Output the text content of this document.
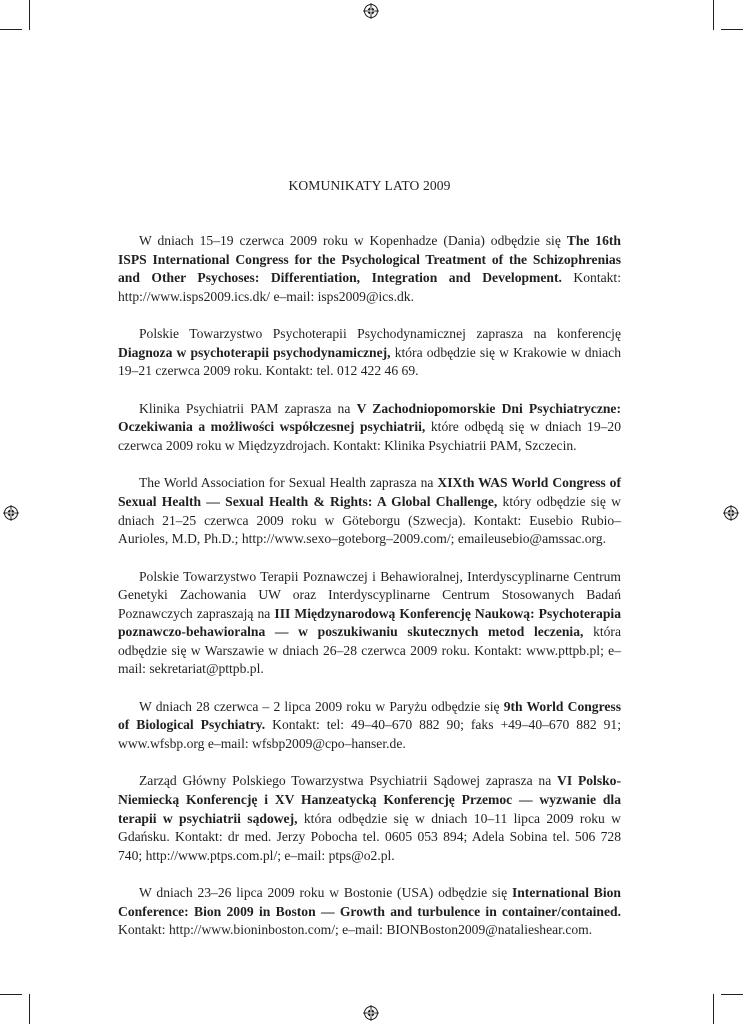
KOMUNIKATY LATO 2009

W dniach 15–19 czerwca 2009 roku w Kopenhadze (Dania) odbędzie się The 16th ISPS International Congress for the Psychological Treatment of the Schizophrenias and Other Psychoses: Differentiation, Integration and Development. Kontakt: http://www.isps2009.ics.dk/ e–mail: isps2009@ics.dk.

Polskie Towarzystwo Psychoterapii Psychodynamicznej zaprasza na konferencję Diagnoza w psychoterapii psychodynamicznej, która odbędzie się w Krakowie w dniach 19–21 czerwca 2009 roku. Kontakt: tel. 012 422 46 69.

Klinika Psychiatrii PAM zaprasza na V Zachodniopomorskie Dni Psychiatryczne: Oczekiwania a możliwości współczesnej psychiatrii, które odbędą się w dniach 19–20 czerwca 2009 roku w Międzyzdrojach. Kontakt: Klinika Psychiatrii PAM, Szczecin.

The World Association for Sexual Health zaprasza na XIXth WAS World Congress of Sexual Health — Sexual Health & Rights: A Global Challenge, który odbędzie się w dniach 21–25 czerwca 2009 roku w Göteborgu (Szwecja). Kontakt: Eusebio Rubio–Aurioles, M.D, Ph.D.; http://www.sexo–goteborg–2009.com/; emaileusebio@amssac.org.

Polskie Towarzystwo Terapii Poznawczej i Behawioralnej, Interdyscyplinarne Centrum Genetyki Zachowania UW oraz Interdyscyplinarne Centrum Stosowanych Badań Poznawczych zapraszają na III Międzynarodową Konferencję Naukową: Psychoterapia poznawczo-behawioralna — w poszukiwaniu skutecznych metod leczenia, która odbędzie się w Warszawie w dniach 26–28 czerwca 2009 roku. Kontakt: www.pttpb.pl; e–mail: sekretariat@pttpb.pl.

W dniach 28 czerwca – 2 lipca 2009 roku w Paryżu odbędzie się 9th World Congress of Biological Psychiatry. Kontakt: tel: 49–40–670 882 90; faks +49–40–670 882 91; www.wfsbp.org e–mail: wfsbp2009@cpo–hanser.de.

Zarząd Główny Polskiego Towarzystwa Psychiatrii Sądowej zaprasza na VI Polsko-Niemiecką Konferencję i XV Hanzeatycką Konferencję Przemoc — wyzwanie dla terapii w psychiatrii sądowej, która odbędzie się w dniach 10–11 lipca 2009 roku w Gdańsku. Kontakt: dr med. Jerzy Pobocha tel. 0605 053 894; Adela Sobina tel. 506 728 740; http://www.ptps.com.pl/; e–mail: ptps@o2.pl.

W dniach 23–26 lipca 2009 roku w Bostonie (USA) odbędzie się International Bion Conference: Bion 2009 in Boston — Growth and turbulence in container/contained. Kontakt: http://www.bioninboston.com/; e–mail: BIONBoston2009@natalieshear.com.
